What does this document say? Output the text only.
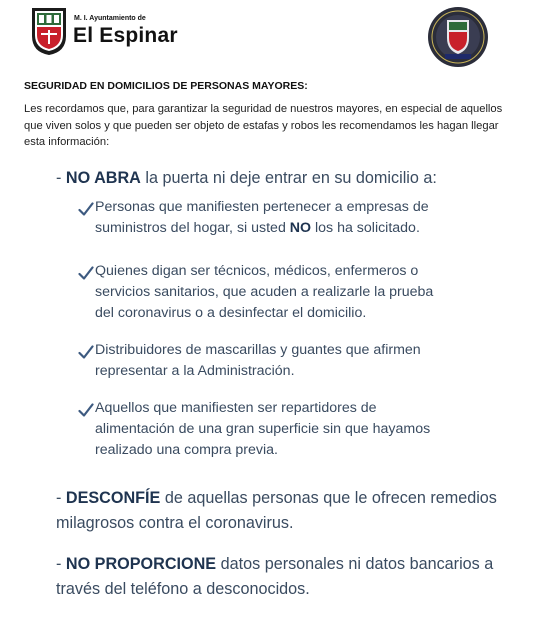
M. I. Ayuntamiento de
El Espinar
SEGURIDAD EN DOMICILIOS DE PERSONAS MAYORES:
Les recordamos que, para garantizar la seguridad de nuestros mayores, en especial de aquellos que viven solos y que pueden ser objeto de estafas y robos les recomendamos les hagan llegar esta información:
- NO ABRA la puerta ni deje entrar en su domicilio a:
Personas que manifiesten pertenecer a empresas de suministros del hogar, si usted NO los ha solicitado.
Quienes digan ser técnicos, médicos, enfermeros o servicios sanitarios, que acuden a realizarle la prueba del coronavirus o a desinfectar el domicilio.
Distribuidores de mascarillas y guantes que afirmen representar a la Administración.
Aquellos que manifiesten ser repartidores de alimentación de una gran superficie sin que hayamos realizado una compra previa.
- DESCONFÍE de aquellas personas que le ofrecen remedios milagrosos contra el coronavirus.
- NO PROPORCIONE datos personales ni datos bancarios a través del teléfono a desconocidos.
